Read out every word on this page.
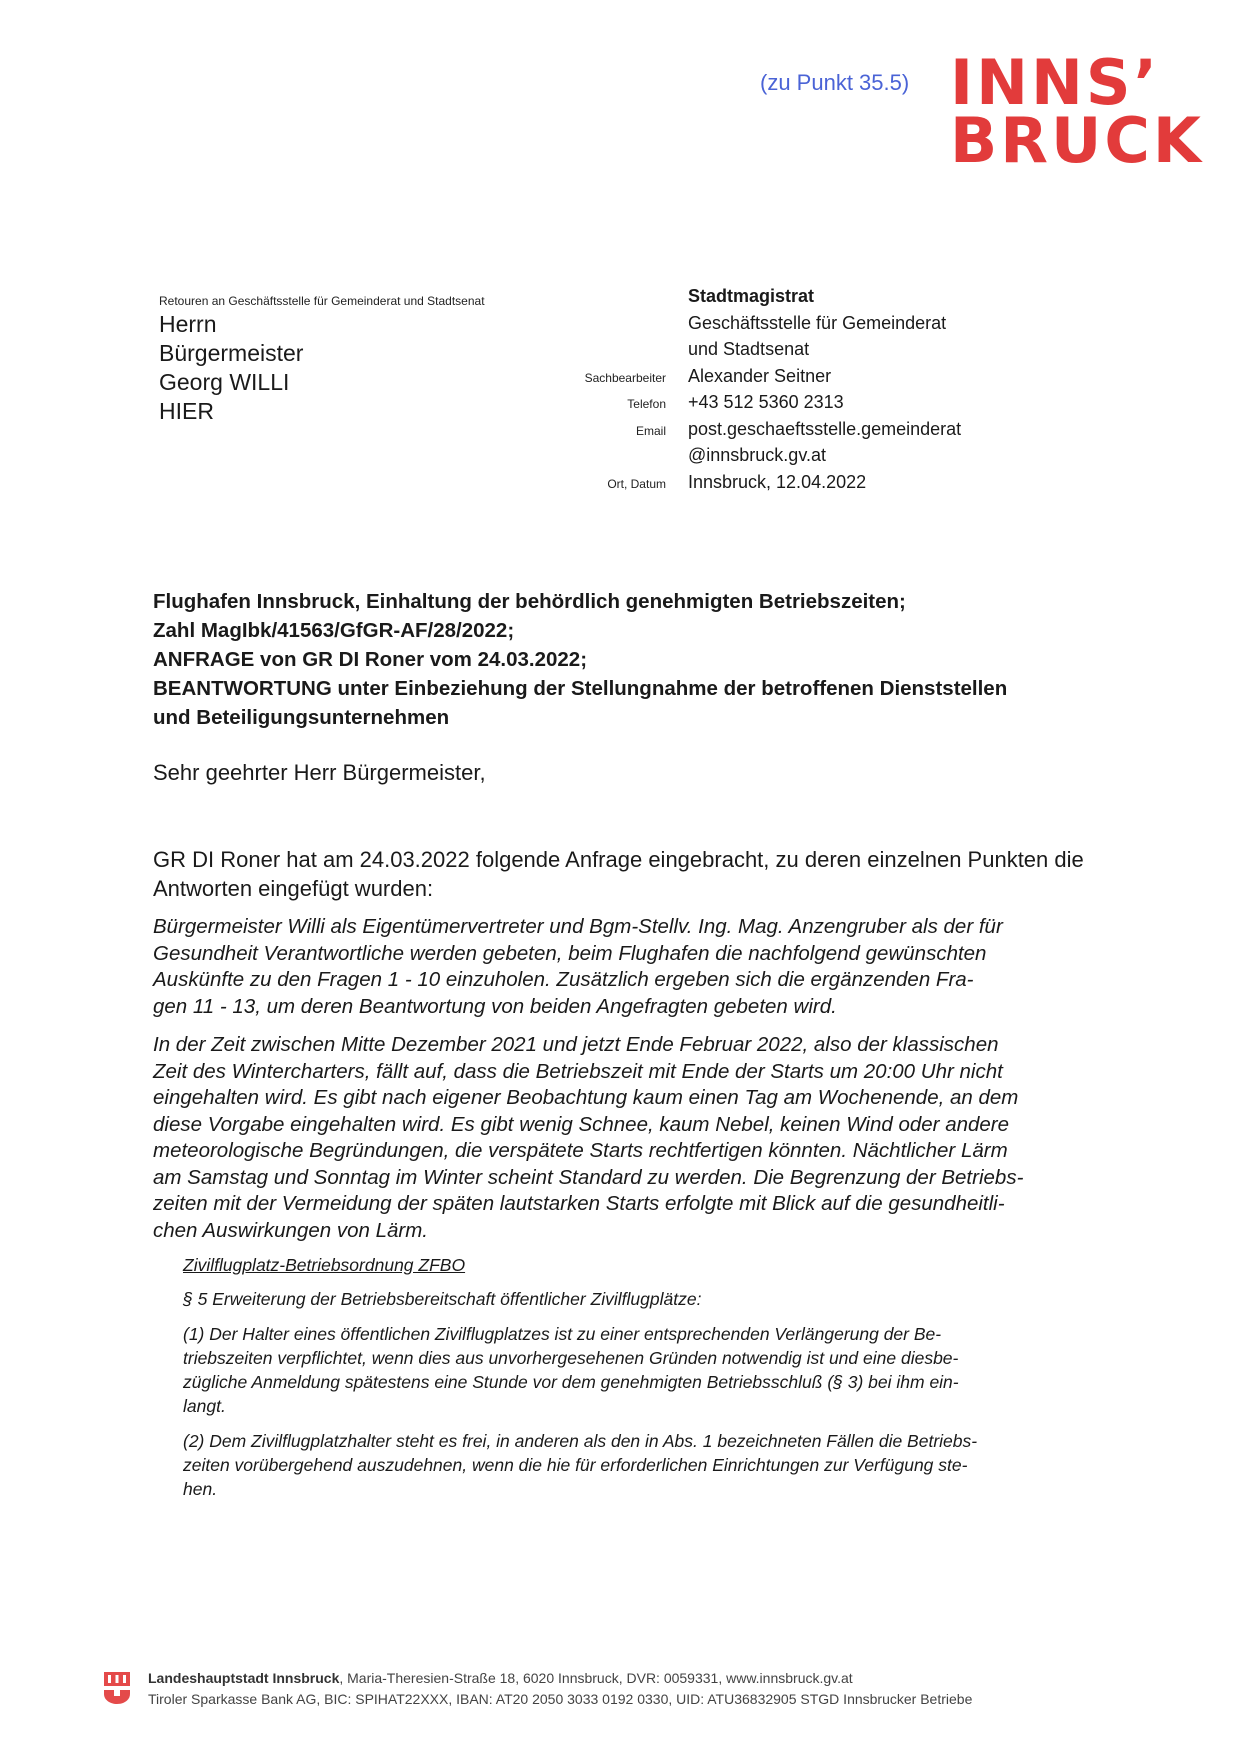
(zu Punkt 35.5) INNS’
BRUCK
Retouren an Geschäftsstelle für Gemeinderat und Stadtsenat
Herrn
Bürgermeister
Georg WILLI
HIER
Stadtmagistrat
Geschäftsstelle für Gemeinderat
und Stadtsenat
Sachbearbeiter	Alexander Seitner
Telefon	+43 512 5360 2313
Email	post.geschaeftsstelle.gemeinderat
@innsbruck.gv.at
Ort, Datum	Innsbruck, 12.04.2022
Flughafen Innsbruck, Einhaltung der behördlich genehmigten Betriebszeiten;
Zahl MagIbk/41563/GfGR-AF/28/2022;
ANFRAGE von GR DI Roner vom 24.03.2022;
BEANTWORTUNG unter Einbeziehung der Stellungnahme der betroffenen Dienststellen
und Beteiligungsunternehmen
Sehr geehrter Herr Bürgermeister,
GR DI Roner hat am 24.03.2022 folgende Anfrage eingebracht, zu deren einzelnen Punkten die Antworten eingefügt wurden:
Bürgermeister Willi als Eigentümervertreter und Bgm-Stellv. Ing. Mag. Anzengruber als der für
Gesundheit Verantwortliche werden gebeten, beim Flughafen die nachfolgend gewünschten
Auskünfte zu den Fragen 1 - 10 einzuholen. Zusätzlich ergeben sich die ergänzenden Fra-
gen 11 - 13, um deren Beantwortung von beiden Angefragten gebeten wird.
In der Zeit zwischen Mitte Dezember 2021 und jetzt Ende Februar 2022, also der klassischen
Zeit des Wintercharters, fällt auf, dass die Betriebszeit mit Ende der Starts um 20:00 Uhr nicht
eingehalten wird. Es gibt nach eigener Beobachtung kaum einen Tag am Wochenende, an dem
diese Vorgabe eingehalten wird. Es gibt wenig Schnee, kaum Nebel, keinen Wind oder andere
meteorologische Begründungen, die verspätete Starts rechtfertigen könnten. Nächtlicher Lärm
am Samstag und Sonntag im Winter scheint Standard zu werden. Die Begrenzung der Betriebs-
zeiten mit der Vermeidung der späten lautstarken Starts erfolgte mit Blick auf die gesundheitli-
chen Auswirkungen von Lärm.
Zivilflugplatz-Betriebsordnung ZFBO
§ 5 Erweiterung der Betriebsbereitschaft öffentlicher Zivilflugplätze:
(1) Der Halter eines öffentlichen Zivilflugplatzes ist zu einer entsprechenden Verlängerung der Be-
triebszeiten verpflichtet, wenn dies aus unvorhergesehenen Gründen notwendig ist und eine diesbe-
zügliche Anmeldung spätestens eine Stunde vor dem genehmigten Betriebsschluß (§ 3) bei ihm ein-
langt.
(2) Dem Zivilflugplatzhalter steht es frei, in anderen als den in Abs. 1 bezeichneten Fällen die Betriebs-
zeiten vorübergehend auszudehnen, wenn die hie für erforderlichen Einrichtungen zur Verfügung ste-
hen.
Landeshauptstadt Innsbruck, Maria-Theresien-Straße 18, 6020 Innsbruck, DVR: 0059331, www.innsbruck.gv.at
Tiroler Sparkasse Bank AG, BIC: SPIHAT22XXX, IBAN: AT20 2050 3033 0192 0330, UID: ATU36832905 STGD Innsbrucker Betriebe
